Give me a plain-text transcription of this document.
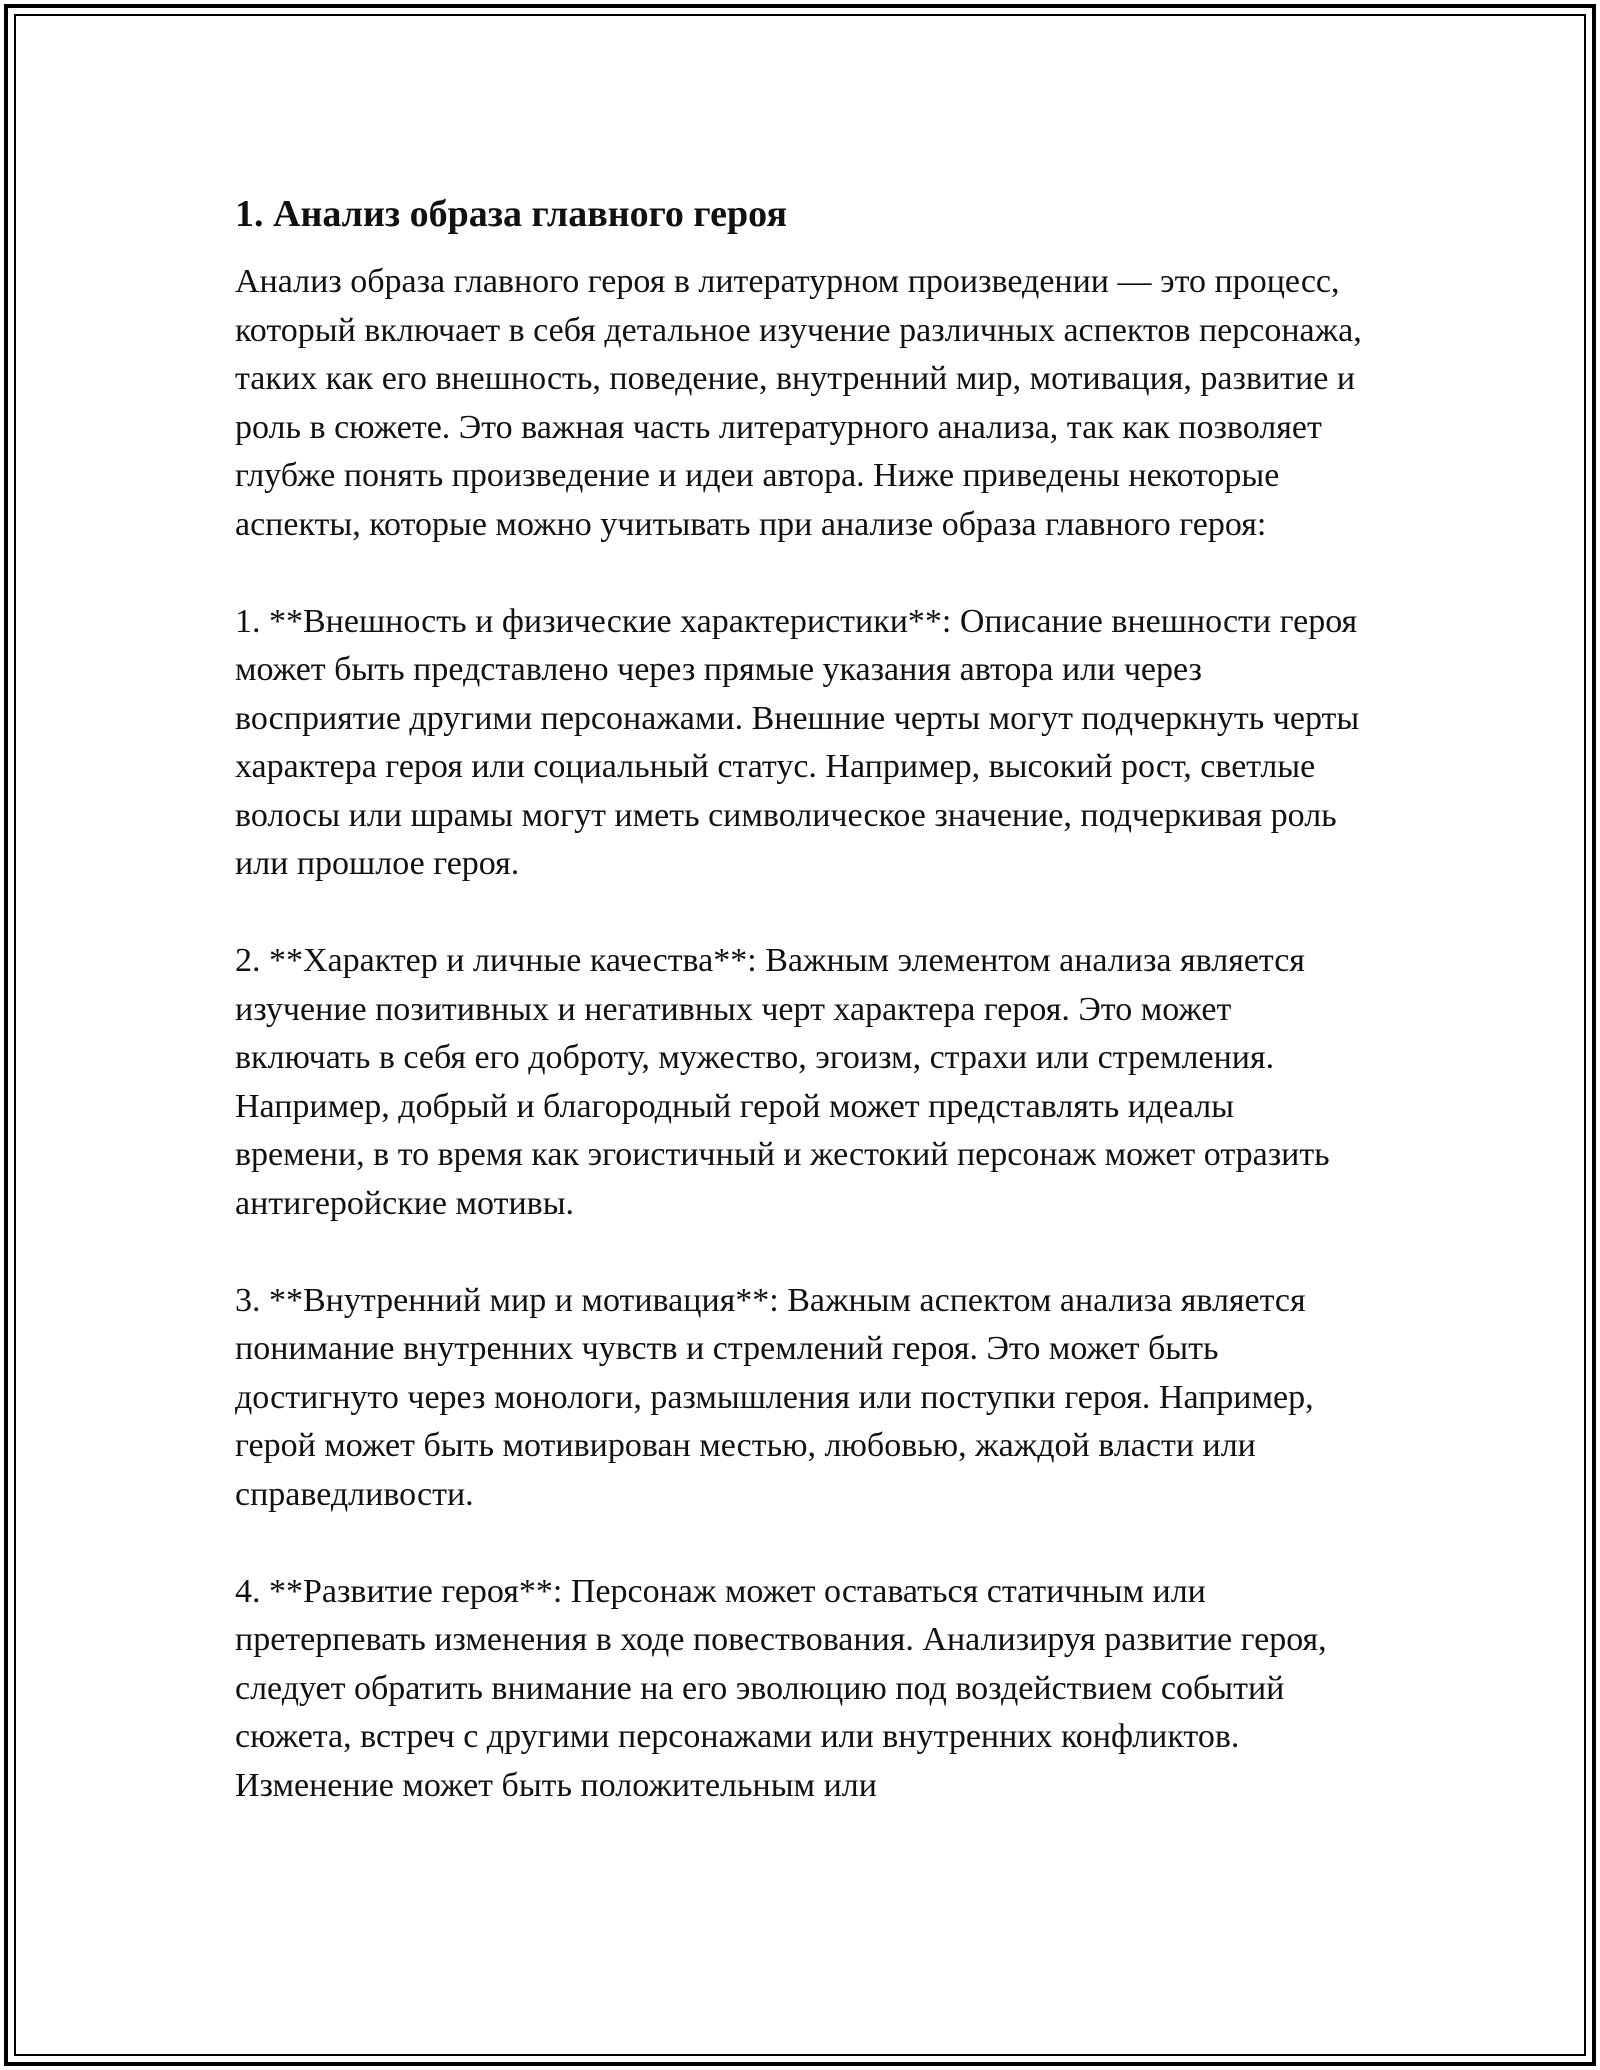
1. Анализ образа главного героя

Анализ образа главного героя в литературном произведении — это процесс, который включает в себя детальное изучение различных аспектов персонажа, таких как его внешность, поведение, внутренний мир, мотивация, развитие и роль в сюжете. Это важная часть литературного анализа, так как позволяет глубже понять произведение и идеи автора. Ниже приведены некоторые аспекты, которые можно учитывать при анализе образа главного героя:

1. **Внешность и физические характеристики**: Описание внешности героя может быть представлено через прямые указания автора или через восприятие другими персонажами. Внешние черты могут подчеркнуть черты характера героя или социальный статус. Например, высокий рост, светлые волосы или шрамы могут иметь символическое значение, подчеркивая роль или прошлое героя.

2. **Характер и личные качества**: Важным элементом анализа является изучение позитивных и негативных черт характера героя. Это может включать в себя его доброту, мужество, эгоизм, страхи или стремления. Например, добрый и благородный герой может представлять идеалы времени, в то время как эгоистичный и жестокий персонаж может отразить антигеройские мотивы.

3. **Внутренний мир и мотивация**: Важным аспектом анализа является понимание внутренних чувств и стремлений героя. Это может быть достигнуто через монологи, размышления или поступки героя. Например, герой может быть мотивирован местью, любовью, жаждой власти или справедливости.

4. **Развитие героя**: Персонаж может оставаться статичным или претерпевать изменения в ходе повествования. Анализируя развитие героя, следует обратить внимание на его эволюцию под воздействием событий сюжета, встреч с другими персонажами или внутренних конфликтов. Изменение может быть положительным или
